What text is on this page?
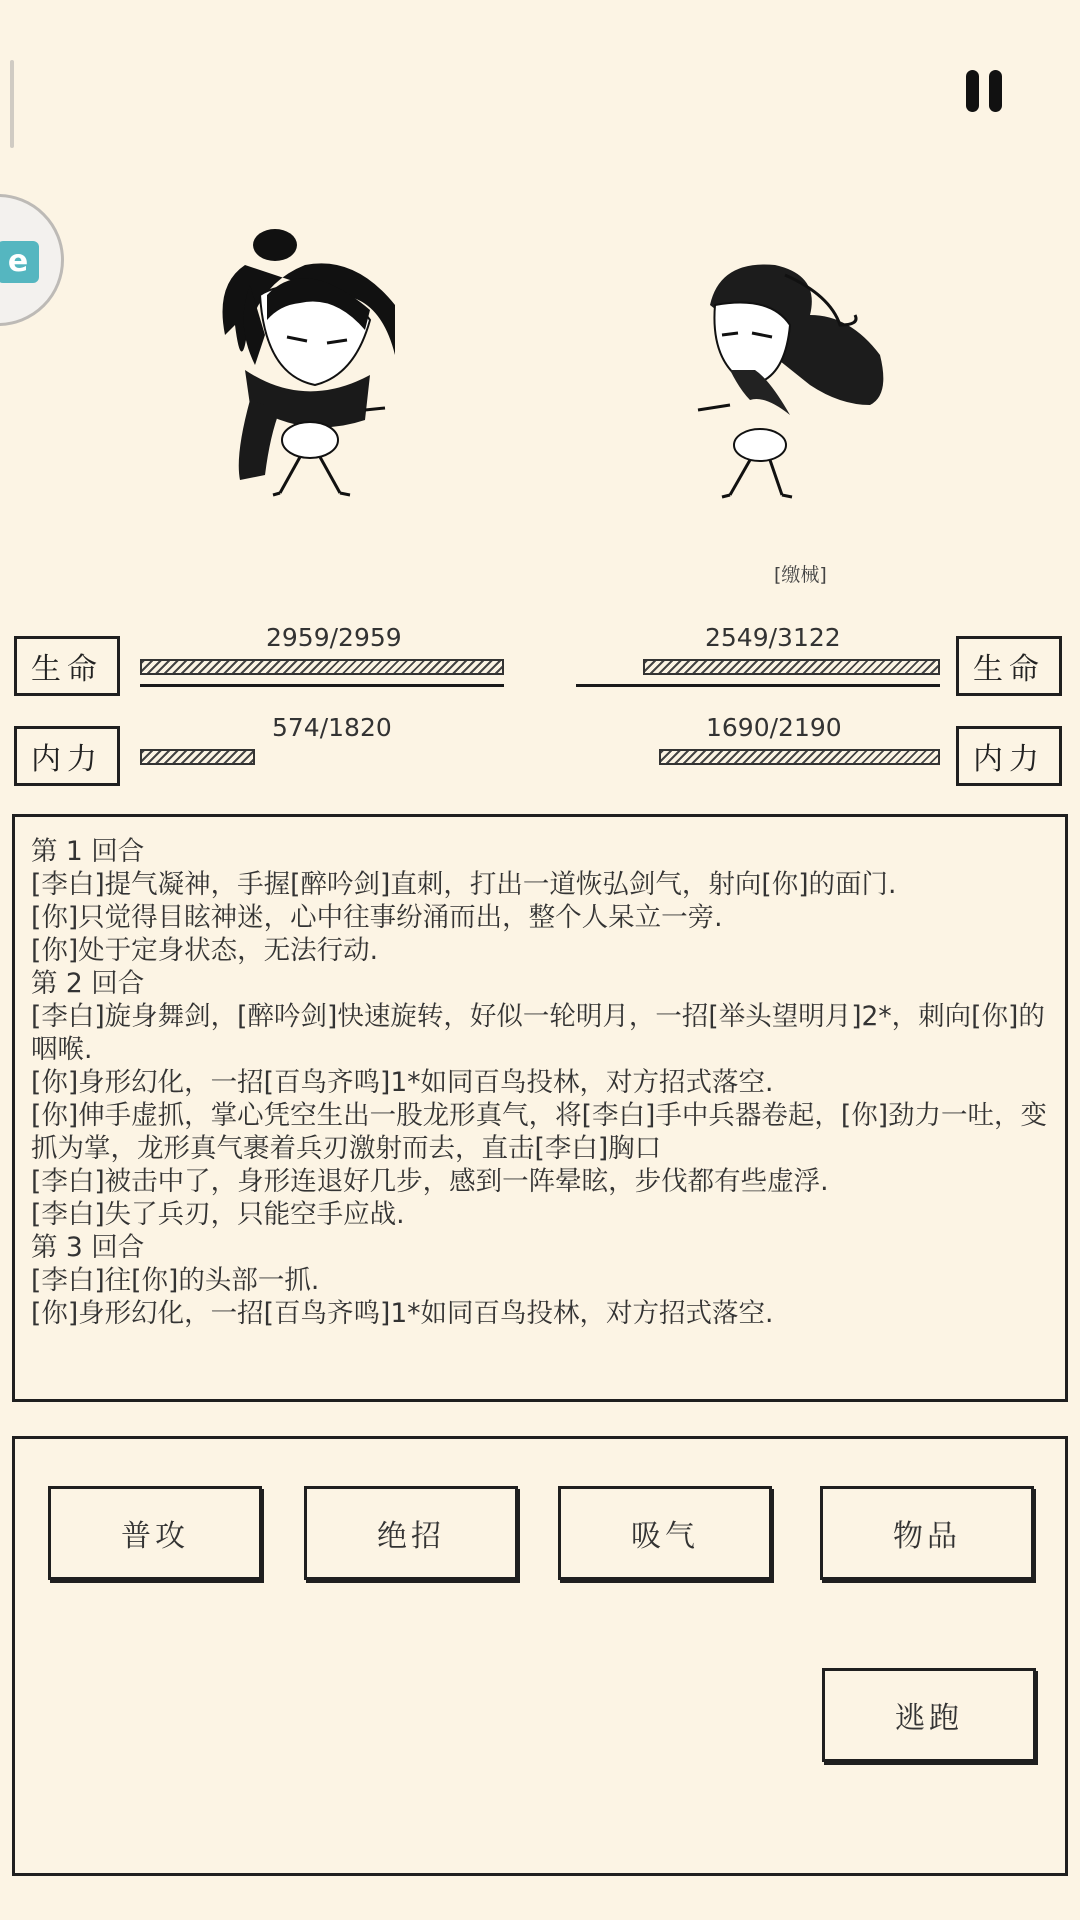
e
[缴械]
生命
2959/2959
内力
574/1820
生命
2549/3122
内力
1690/2190
第 1 回合
[李白]提气凝神，手握[醉吟剑]直刺，打出一道恢弘剑气，射向[你]的面门.
[你]只觉得目眩神迷，心中往事纷涌而出，整个人呆立一旁.
[你]处于定身状态，无法行动.
第 2 回合
[李白]旋身舞剑，[醉吟剑]快速旋转，好似一轮明月，一招[举头望明月]2*，刺向[你]的咽喉.
[你]身形幻化，一招[百鸟齐鸣]1*如同百鸟投林，对方招式落空.
[你]伸手虚抓，掌心凭空生出一股龙形真气，将[李白]手中兵器卷起，[你]劲力一吐，变抓为掌，龙形真气裹着兵刃激射而去，直击[李白]胸口
[李白]被击中了，身形连退好几步，感到一阵晕眩，步伐都有些虚浮.
[李白]失了兵刃，只能空手应战.
第 3 回合
[李白]往[你]的头部一抓.
[你]身形幻化，一招[百鸟齐鸣]1*如同百鸟投林，对方招式落空.
普攻	绝招	吸气	物品
逃跑
